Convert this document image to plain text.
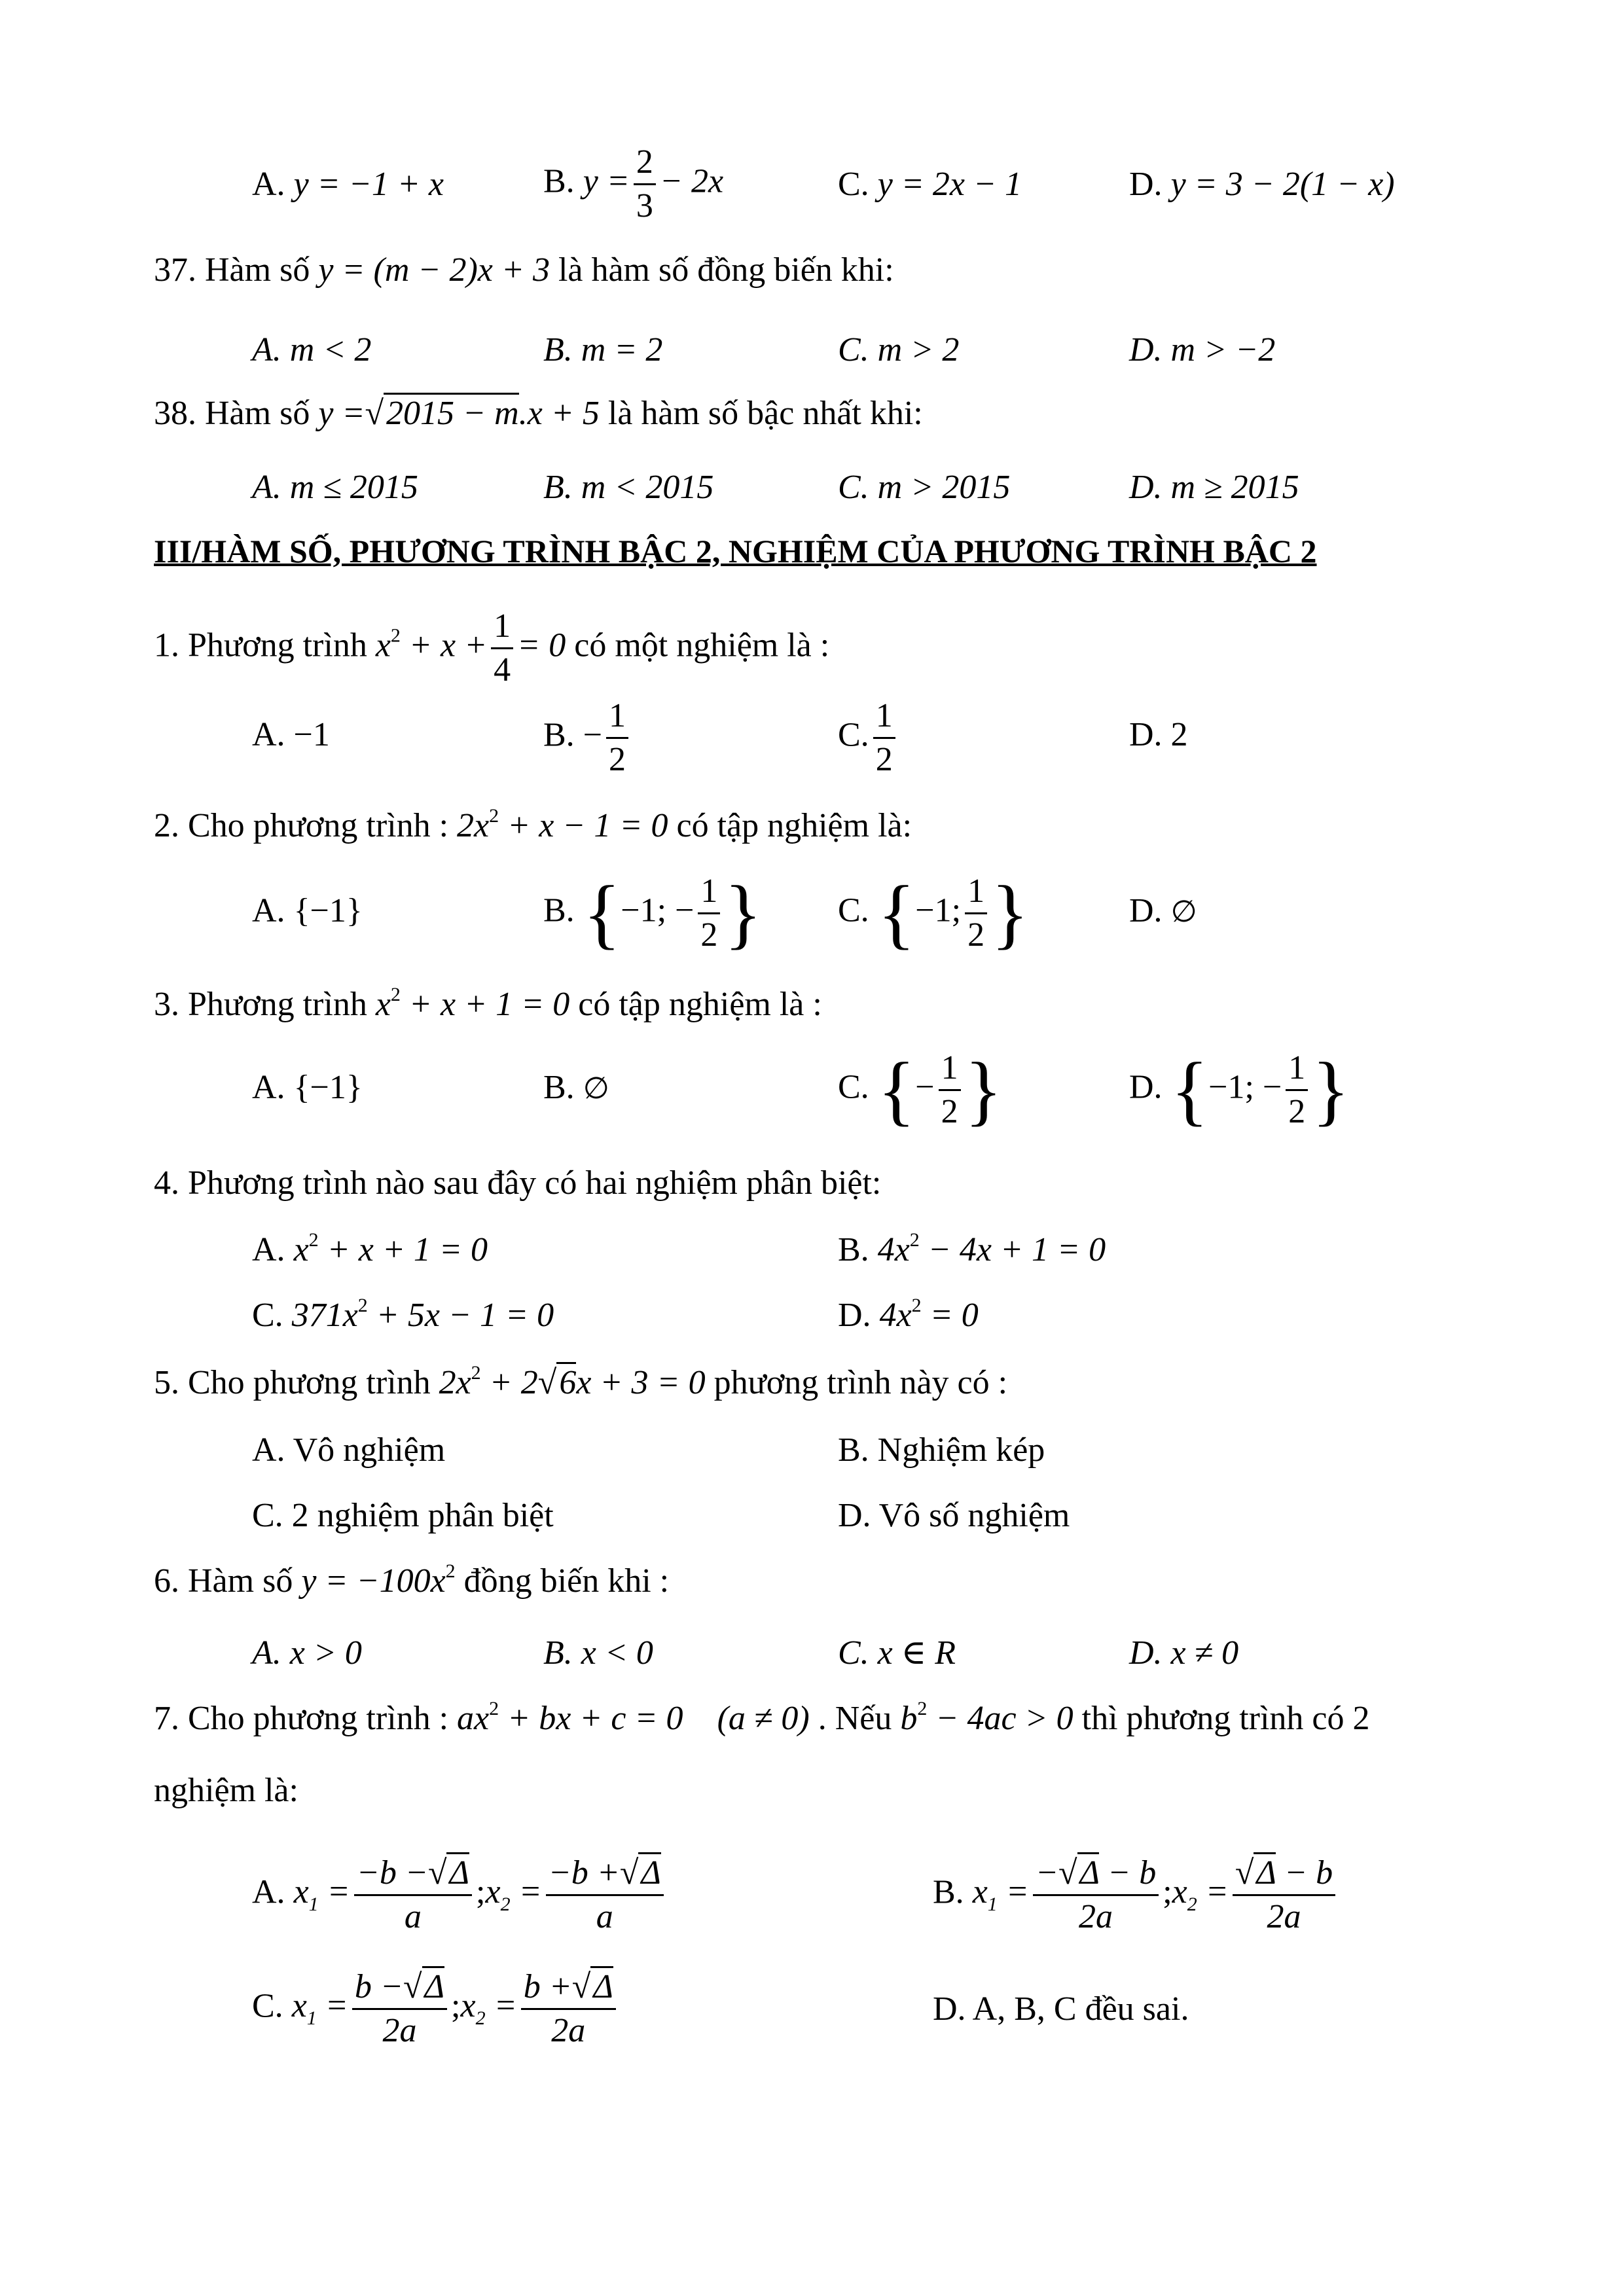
A. y = −1 + x	B. $y = \frac{2}{3} - 2x$	C. y = 2x − 1	D. y = 3 − 2(1 − x)
37. Hàm số y = (m − 2)x + 3 là hàm số đồng biến khi:
A. m < 2	B. m = 2	C. m > 2	D. m > −2
38. Hàm số y =√2015 − m.x + 5 là hàm số bậc nhất khi:
A. m ≤ 2015	B. m < 2015	C. m > 2015	D. m ≥ 2015
III/HÀM SỐ, PHƯƠNG TRÌNH BẬC 2, NGHIỆM CỦA PHƯƠNG TRÌNH BẬC 2
1. Phương trình $x^2 + x + \frac{1}{4} = 0$ có một nghiệm là :
A. −1	B. − $\frac{1}{2}$	C. $\frac{1}{2}$	D. 2
2. Cho phương trình : $2x^2 + x - 1 = 0$ có tập nghiệm là:
A. {−1}	B. {−1; − $\frac{1}{2}$ } C. {−1; $\frac{1}{2}$ }	D. ∅
3. Phương trình $x^2 + x + 1 = 0$ có tập nghiệm là :
A. {−1}	B. ∅	C. {− $\frac{1}{2}$ }	D. {−1; − $\frac{1}{2}$ }
4. Phương trình nào sau đây có hai nghiệm phân biệt:
A. $x^2 + x + 1 = 0$	B. $4x^2 - 4x + 1 = 0$
C. $371x^2 + 5x - 1 = 0$	D. $4x^2 = 0$
5. Cho phương trình $2x^2 + 2√6x + 3 = 0$ phương trình này có :
A. Vô nghiệm	B. Nghiệm kép
C. 2 nghiệm phân biệt	D. Vô số nghiệm
6. Hàm số $y = -100x^2$ đồng biến khi :
A. x > 0	B. x < 0	C. x ∈ R	D. x ≠ 0
7. Cho phương trình : $ax^2$ + bx + c = 0 (a ≠ 0) . Nếu $b^2 - 4ac > 0$ thì phương trình có 2
nghiệm là:
A. $x_1 = \frac{-b -√\Delta}{a}$ $;x_2 = \frac{-b +√\Delta}{a}$	B. $x_1 = \frac{-√\Delta - b}{2a}$ $;x_2 = \frac{√\Delta - b}{2a}$
C. $x_1 = \frac{b -√\Delta}{2a}$ $;x_2 = \frac{b +√\Delta}{2a}$	D. A, B, C đều sai.
